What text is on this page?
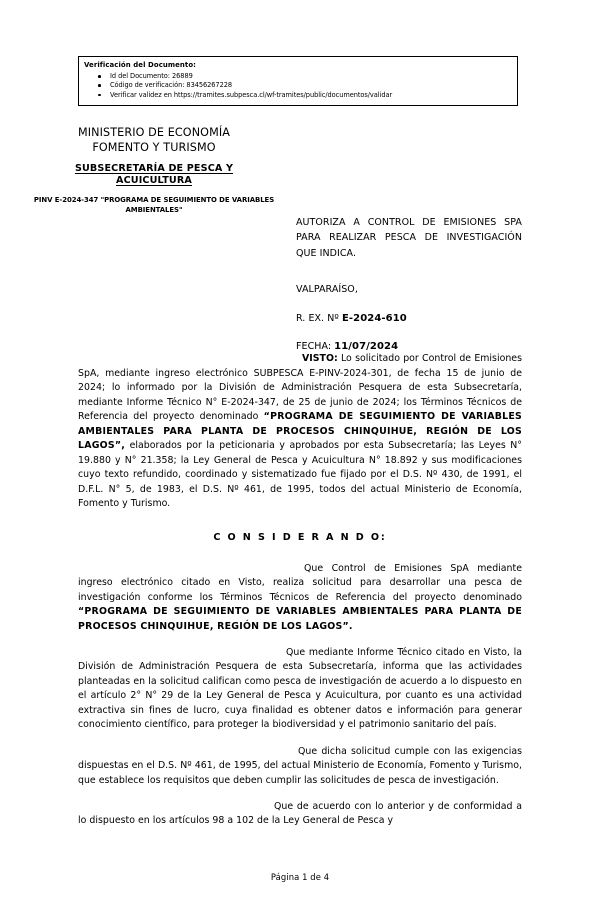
Verificación del Documento:
Id del Documento: 26889
Código de verificación: 83456267228
Verificar validez en https://tramites.subpesca.cl/wf-tramites/public/documentos/validar
MINISTERIO DE ECONOMÍA
FOMENTO Y TURISMO
SUBSECRETARÍA DE PESCA Y
ACUICULTURA
PINV E-2024-347 "PROGRAMA DE SEGUIMIENTO DE VARIABLES AMBIENTALES"
AUTORIZA A CONTROL DE EMISIONES SPA PARA REALIZAR PESCA DE INVESTIGACIÓN QUE INDICA.
VALPARAÍSO,
R. EX. Nº E-2024-610
FECHA: 11/07/2024

VISTO: Lo solicitado por Control de Emisiones SpA, mediante ingreso electrónico SUBPESCA E-PINV-2024-301, de fecha 15 de junio de 2024; lo informado por la División de Administración Pesquera de esta Subsecretaría, mediante Informe Técnico N° E-2024-347, de 25 de junio de 2024; los Términos Técnicos de Referencia del proyecto denominado “PROGRAMA DE SEGUIMIENTO DE VARIABLES AMBIENTALES PARA PLANTA DE PROCESOS CHINQUIHUE, REGIÓN DE LOS LAGOS”, elaborados por la peticionaria y aprobados por esta Subsecretaría; las Leyes N° 19.880 y N° 21.358; la Ley General de Pesca y Acuicultura N° 18.892 y sus modificaciones cuyo texto refundido, coordinado y sistematizado fue fijado por el D.S. Nº 430, de 1991, el D.F.L. N° 5, de 1983, el D.S. Nº 461, de 1995, todos del actual Ministerio de Economía, Fomento y Turismo.

C O N S I D E R A N D O:

Que Control de Emisiones SpA mediante ingreso electrónico citado en Visto, realiza solicitud para desarrollar una pesca de investigación conforme los Términos Técnicos de Referencia del proyecto denominado “PROGRAMA DE SEGUIMIENTO DE VARIABLES AMBIENTALES PARA PLANTA DE PROCESOS CHINQUIHUE, REGIÓN DE LOS LAGOS”.

Que mediante Informe Técnico citado en Visto, la División de Administración Pesquera de esta Subsecretaría, informa que las actividades planteadas en la solicitud califican como pesca de investigación de acuerdo a lo dispuesto en el artículo 2° N° 29 de la Ley General de Pesca y Acuicultura, por cuanto es una actividad extractiva sin fines de lucro, cuya finalidad es obtener datos e información para generar conocimiento científico, para proteger la biodiversidad y el patrimonio sanitario del país.

Que dicha solicitud cumple con las exigencias dispuestas en el D.S. Nº 461, de 1995, del actual Ministerio de Economía, Fomento y Turismo, que establece los requisitos que deben cumplir las solicitudes de pesca de investigación.

Que de acuerdo con lo anterior y de conformidad a lo dispuesto en los artículos 98 a 102 de la Ley General de Pesca y

Página 1 de 4
